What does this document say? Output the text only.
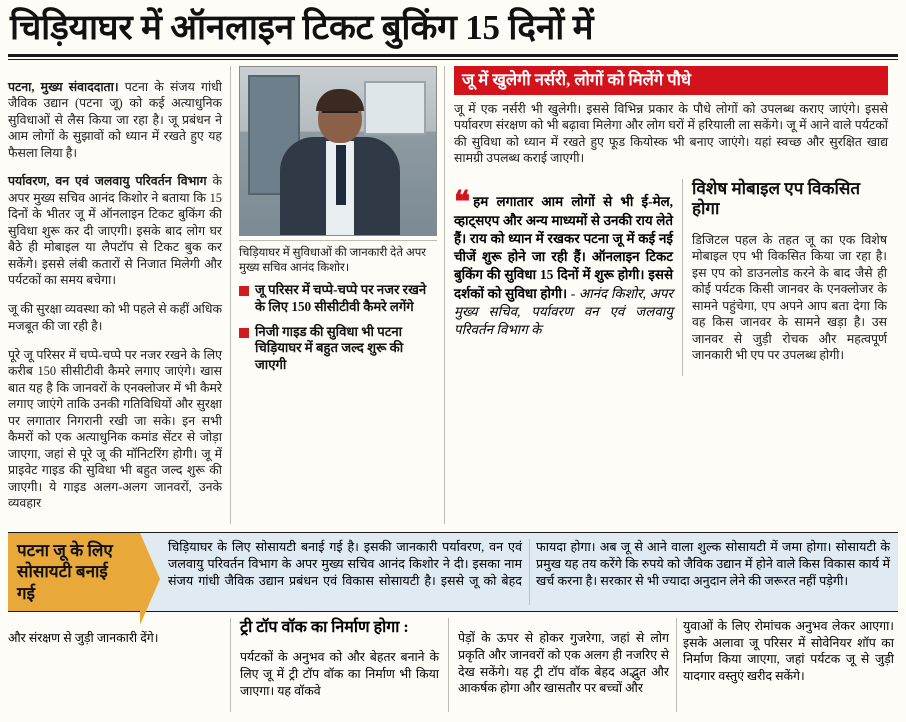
चिड़ियाघर में ऑनलाइन टिकट बुकिंग 15 दिनों में

पटना, मुख्य संवाददाता। पटना के संजय गांधी जैविक उद्यान (पटना जू) को कई अत्याधुनिक सुविधाओं से लैस किया जा रहा है। जू प्रबंधन ने आम लोगों के सुझावों को ध्यान में रखते हुए यह फैसला लिया है।

पर्यावरण, वन एवं जलवायु परिवर्तन विभाग के अपर मुख्य सचिव आनंद किशोर ने बताया कि 15 दिनों के भीतर जू में ऑनलाइन टिकट बुकिंग की सुविधा शुरू कर दी जाएगी। इसके बाद लोग घर बैठे ही मोबाइल या लैपटॉप से टिकट बुक कर सकेंगे। इससे लंबी कतारों से निजात मिलेगी और पर्यटकों का समय बचेगा।

जू की सुरक्षा व्यवस्था को भी पहले से कहीं अधिक मजबूत की जा रही है।

पूरे जू परिसर में चप्पे-चप्पे पर नजर रखने के लिए करीब 150 सीसीटीवी कैमरे लगाए जाएंगे। खास बात यह है कि जानवरों के एनक्लोजर में भी कैमरे लगाए जाएंगे ताकि उनकी गतिविधियों और सुरक्षा पर लगातार निगरानी रखी जा सके। इन सभी कैमरों को एक अत्याधुनिक कमांड सेंटर से जोड़ा जाएगा, जहां से पूरे जू की मॉनिटरिंग होगी। जू में प्राइवेट गाइड की सुविधा भी बहुत जल्द शुरू की जाएगी। ये गाइड अलग-अलग जानवरों, उनके व्यवहार

चिड़ियाघर में सुविधाओं की जानकारी देते अपर मुख्य सचिव आनंद किशोर।
जू परिसर में चप्पे-चप्पे पर नजर रखने के लिए 150 सीसीटीवी कैमरे लगेंगे
निजी गाइड की सुविधा भी पटना चिड़ियाघर में बहुत जल्द शुरू की जाएगी
जू में खुलेगी नर्सरी, लोगों को मिलेंगे पौधे

जू में एक नर्सरी भी खुलेगी। इससे विभिन्न प्रकार के पौधे लोगों को उपलब्ध कराए जाएंगे। इससे पर्यावरण संरक्षण को भी बढ़ावा मिलेगा और लोग घरों में हरियाली ला सकेंगे। जू में आने वाले पर्यटकों की सुविधा को ध्यान में रखते हुए फूड कियोस्क भी बनाए जाएंगे। यहां स्वच्छ और सुरक्षित खाद्य सामग्री उपलब्ध कराई जाएगी।

❝ हम लगातार आम लोगों से भी ई-मेल, व्हाट्सएप और अन्य माध्यमों से उनकी राय लेते हैं। राय को ध्यान में रखकर पटना जू में कई नई चीजें शुरू होने जा रही हैं। ऑनलाइन टिकट बुकिंग की सुविधा 15 दिनों में शुरू होगी। इससे दर्शकों को सुविधा होगी। - आनंद किशोर, अपर मुख्य सचिव, पर्यावरण वन एवं जलवायु परिवर्तन विभाग के

विशेष मोबाइल एप विकसित होगा

डिजिटल पहल के तहत जू का एक विशेष मोबाइल एप भी विकसित किया जा रहा है। इस एप को डाउनलोड करने के बाद जैसे ही कोई पर्यटक किसी जानवर के एनक्लोजर के सामने पहुंचेगा, एप अपने आप बता देगा कि वह किस जानवर के सामने खड़ा है। उस जानवर से जुड़ी रोचक और महत्वपूर्ण जानकारी भी एप पर उपलब्ध होगी।

पटना जू के लिए सोसायटी बनाई गई
चिड़ियाघर के लिए सोसायटी बनाई गई है। इसकी जानकारी पर्यावरण, वन एवं जलवायु परिवर्तन विभाग के अपर मुख्य सचिव आनंद किशोर ने दी। इसका नाम संजय गांधी जैविक उद्यान प्रबंधन एवं विकास सोसायटी है। इससे जू को बेहद फायदा होगा। अब जू से आने वाला शुल्क सोसायटी में जमा होगा। सोसायटी के प्रमुख यह तय करेंगे कि रुपये को जैविक उद्यान में होने वाले किस विकास कार्य में खर्च करना है। सरकार से भी ज्यादा अनुदान लेने की जरूरत नहीं पड़ेगी।

और संरक्षण से जुड़ी जानकारी देंगे।

ट्री टॉप वॉक का निर्माण होगा :

पर्यटकों के अनुभव को और बेहतर बनाने के लिए जू में ट्री टॉप वॉक का निर्माण भी किया जाएगा। यह वॉकवे

पेड़ों के ऊपर से होकर गुजरेगा, जहां से लोग प्रकृति और जानवरों को एक अलग ही नजरिए से देख सकेंगे। यह ट्री टॉप वॉक बेहद अद्भुत और आकर्षक होगा और खासतौर पर बच्चों और

युवाओं के लिए रोमांचक अनुभव लेकर आएगा। इसके अलावा जू परिसर में सोवेनियर शॉप का निर्माण किया जाएगा, जहां पर्यटक जू से जुड़ी यादगार वस्तुएं खरीद सकेंगे।
